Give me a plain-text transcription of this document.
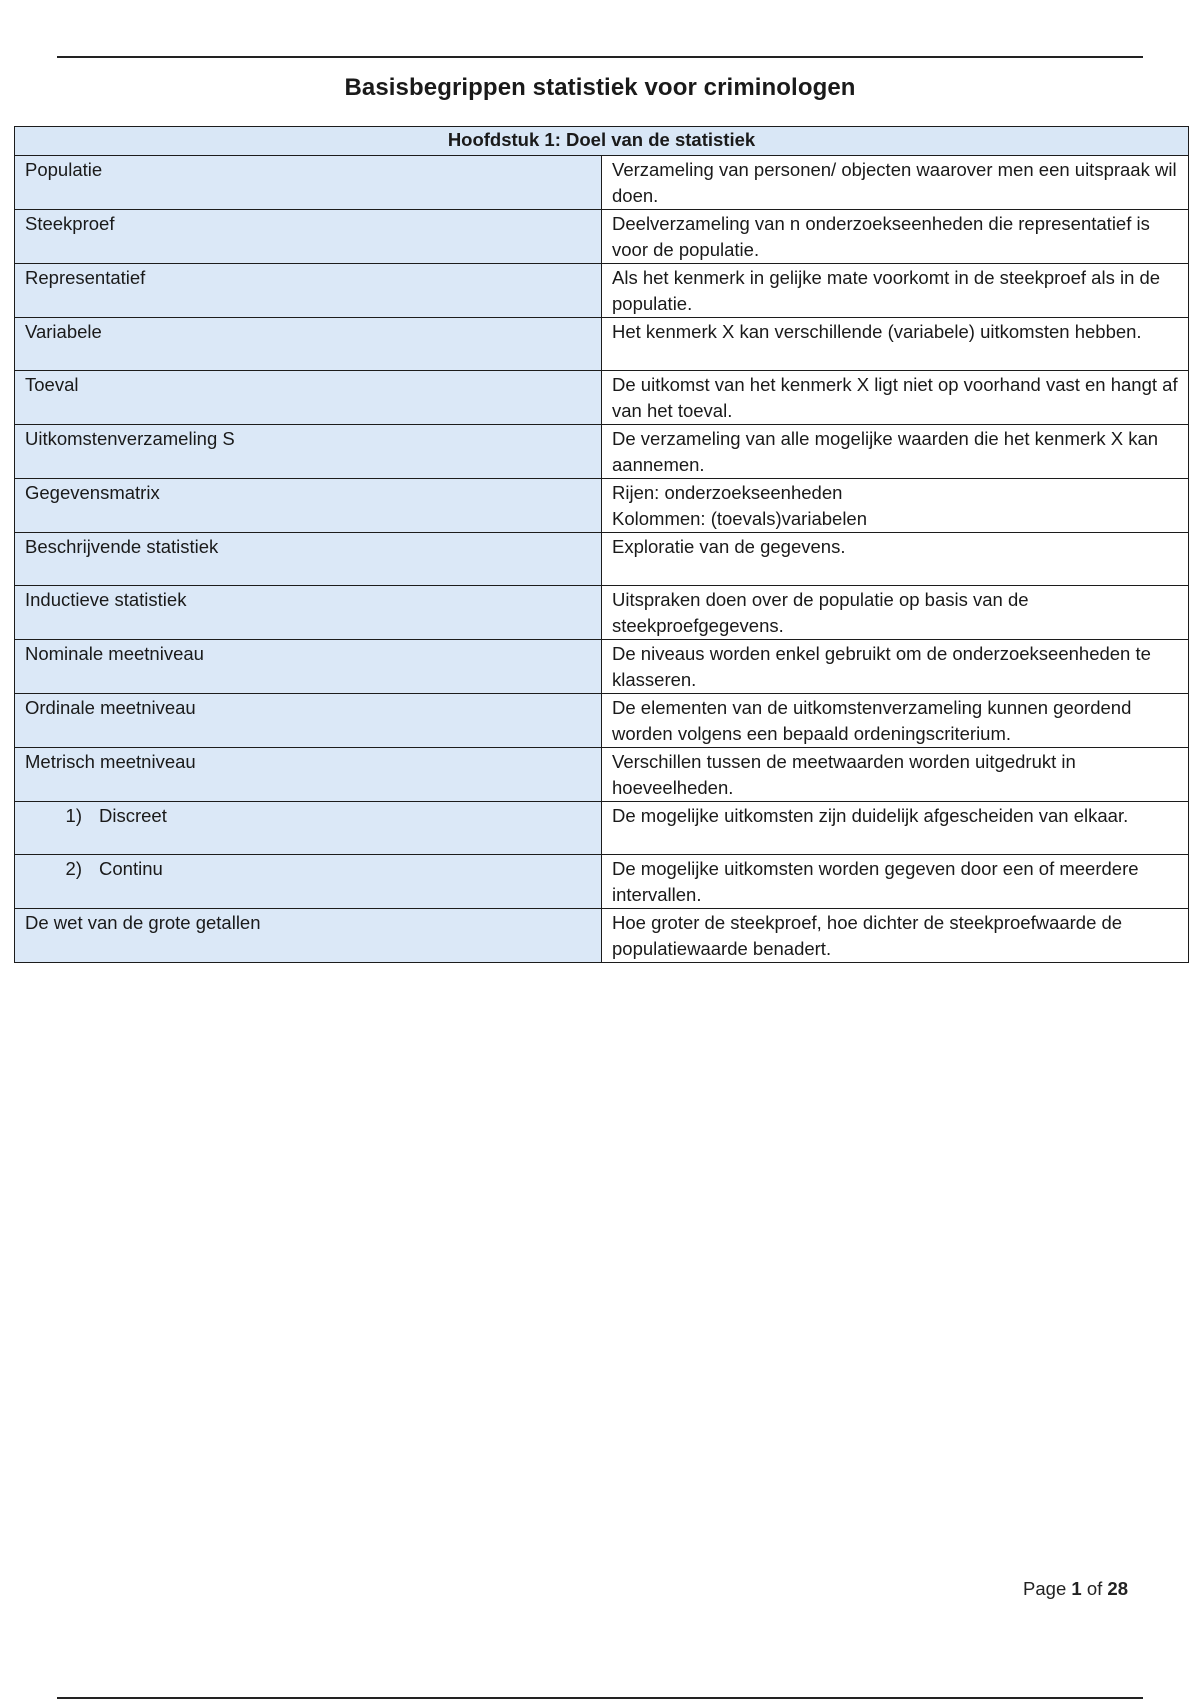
Basisbegrippen statistiek voor criminologen
Hoofdstuk 1: Doel van de statistiek	
Populatie	Verzameling van personen/ objecten waarover men een uitspraak wil doen.
Steekproef	Deelverzameling van n onderzoekseenheden die representatief is voor de populatie.
Representatief	Als het kenmerk in gelijke mate voorkomt in de steekproef als in de populatie.
Variabele	Het kenmerk X kan verschillende (variabele) uitkomsten hebben.
Toeval	De uitkomst van het kenmerk X ligt niet op voorhand vast en hangt af van het toeval.
Uitkomstenverzameling S	De verzameling van alle mogelijke waarden die het kenmerk X kan aannemen.
Gegevensmatrix	Rijen: onderzoekseenheden
Kolommen: (toevals)variabelen

Beschrijvende statistiek	Exploratie van de gegevens.
Inductieve statistiek	Uitspraken doen over de populatie op basis van de steekproefgegevens.
Nominale meetniveau	De niveaus worden enkel gebruikt om de onderzoekseenheden te klasseren.
Ordinale meetniveau	De elementen van de uitkomstenverzameling kunnen geordend worden volgens een bepaald ordeningscriterium.
Metrisch meetniveau	Verschillen tussen de meetwaarden worden uitgedrukt in hoeveelheden.
1) Discreet	De mogelijke uitkomsten zijn duidelijk afgescheiden van elkaar.
2) Continu	De mogelijke uitkomsten worden gegeven door een of meerdere intervallen.
De wet van de grote getallen	Hoe groter de steekproef, hoe dichter de steekproefwaarde de populatiewaarde benadert.
Page 1 of 28
